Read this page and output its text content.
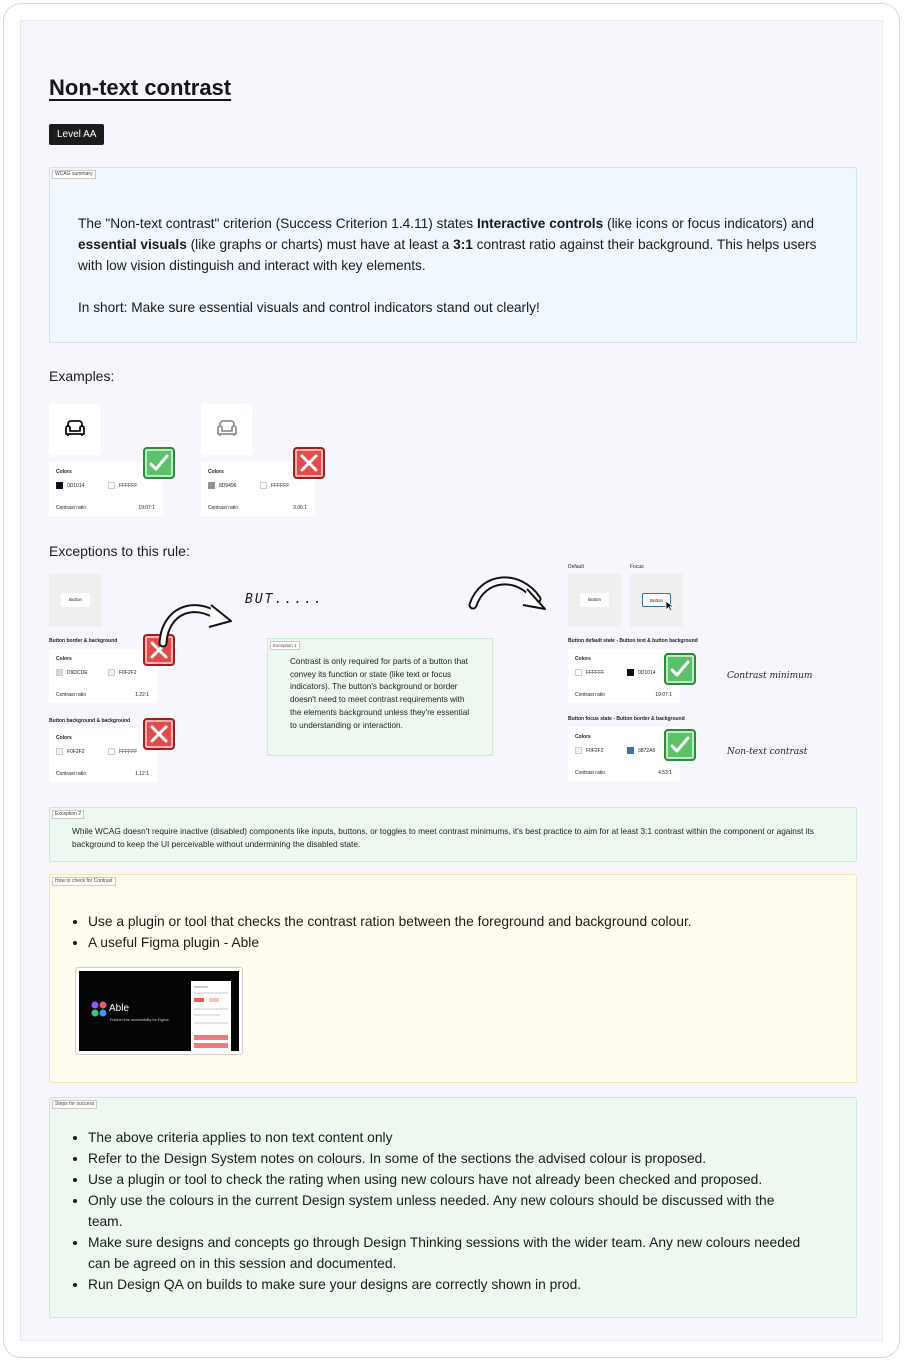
Non-text contrast
Level AA
WCAG summary

The "Non-text contrast" criterion (Success Criterion 1.4.11) states Interactive controls (like icons or focus indicators) and essential visuals (like graphs or charts) must have at least a 3:1 contrast ratio against their background. This helps users with low vision distinguish and interact with key elements.

In short: Make sure essential visuals and control indicators stand out clearly!

Examples:
Colors
0D1014	FFFFFF
Contrast ratio	19:07:1
Colors
8D9496	FFFFFF
Contrast ratio	3.06:1
Exceptions to this rule:
Button
Button border & background
Colors
D9DCDE	F0F2F2
Contrast ratio	1.22:1
Button background & background
Colors
F0F2F2	FFFFFF
Contrast ratio	1.12:1
BUT.....
Exception 1
Contrast is only required for parts of a button that convey its function or state (like text or focus indicators). The button's background or border doesn't need to meet contrast requirements with the elements background unless they're essential to understanding or interaction.
Default	Focus
Button	Button
Button default state - Button text & button background
Colors
FFFFFF	0D1014
Contrast ratio	19:07:1
Contrast minimum
Button focus state - Button border & background
Colors
F0F2F2	3872A6
Contrast ratio	4.53:1
Non-text contrast
Exception 2
While WCAG doesn't require inactive (disabled) components like inputs, buttons, or toggles to meet contrast minimums, it's best practice to aim for at least 3:1 contrast within the component or against its background to keep the UI perceivable without undermining the disabled state.
How to check for Contrast
• Use a plugin or tool that checks the contrast ration between the foreground and background colour.
• A useful Figma plugin - Able
Able
Friction free accessibility for Figma.
Steps for success
• The above criteria applies to non text content only
• Refer to the Design System notes on colours. In some of the sections the advised colour is proposed.
• Use a plugin or tool to check the rating when using new colours have not already been checked and proposed.
• Only use the colours in the current Design system unless needed. Any new colours should be discussed with the team.
• Make sure designs and concepts go through Design Thinking sessions with the wider team. Any new colours needed can be agreed on in this session and documented.
• Run Design QA on builds to make sure your designs are correctly shown in prod.
